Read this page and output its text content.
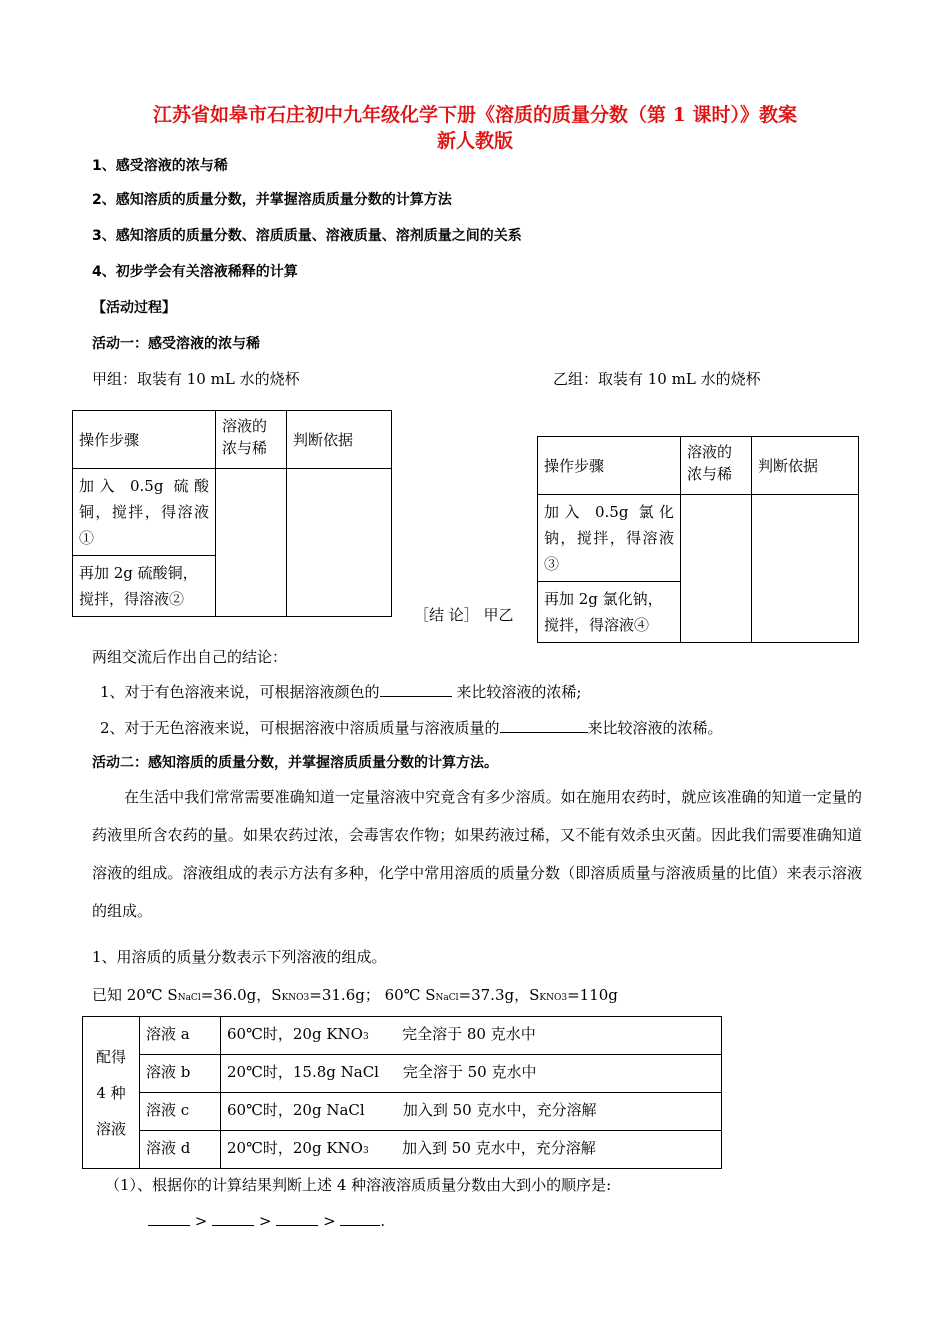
江苏省如皋市石庄初中九年级化学下册《溶质的质量分数（第 1 课时）》教案
新人教版
1、感受溶液的浓与稀
2、感知溶质的质量分数，并掌握溶质质量分数的计算方法
3、感知溶质的质量分数、溶质质量、溶液质量、溶剂质量之间的关系
4、初步学会有关溶液稀释的计算
【活动过程】
活动一：感受溶液的浓与稀
甲组：取装有 10 mL 水的烧杯	乙组：取装有 10 mL 水的烧杯
操作步骤	溶液的浓与稀	判断依据
加入 0.5g 硫酸铜，搅拌，得溶液①		
再加 2g 硫酸铜，搅拌，得溶液②		
操作步骤	溶液的浓与稀	判断依据
加入 0.5g 氯化钠，搅拌，得溶液③		
再加 2g 氯化钠，搅拌，得溶液④		
［结 论］ 甲乙
两组交流后作出自己的结论：
1、对于有色溶液来说，可根据溶液颜色的	来比较溶液的浓稀;
2、对于无色溶液来说，可根据溶液中溶质质量与溶液质量的	来比较溶液的浓稀。
活动二：感知溶质的质量分数，并掌握溶质质量分数的计算方法。
在生活中我们常常需要准确知道一定量溶液中究竟含有多少溶质。如在施用农药时，就应该准确的知道一定量的药液里所含农药的量。如果农药过浓，会毒害农作物；如果药液过稀，又不能有效杀虫灭菌。因此我们需要准确知道溶液的组成。溶液组成的表示方法有多种，化学中常用溶质的质量分数（即溶质质量与溶液质量的比值）来表示溶液的组成。
1、用溶质的质量分数表示下列溶液的组成。
已知 20℃ SNaCl=36.0g，SKNO3=31.6g； 60℃ SNaCl=37.3g，SKNO3=110g
配得
4 种
溶液	溶液 a	60℃时，20g KNO3       完全溶于 80 克水中
	溶液 b	20℃时，15.8g NaCl     完全溶于 50 克水中
	溶液 c	60℃时，20g NaCl        加入到 50 克水中，充分溶解
	溶液 d	20℃时，20g KNO3       加入到 50 克水中，充分溶解
（1）、根据你的计算结果判断上述 4 种溶液溶质质量分数由大到小的顺序是:
>	>	>	.
